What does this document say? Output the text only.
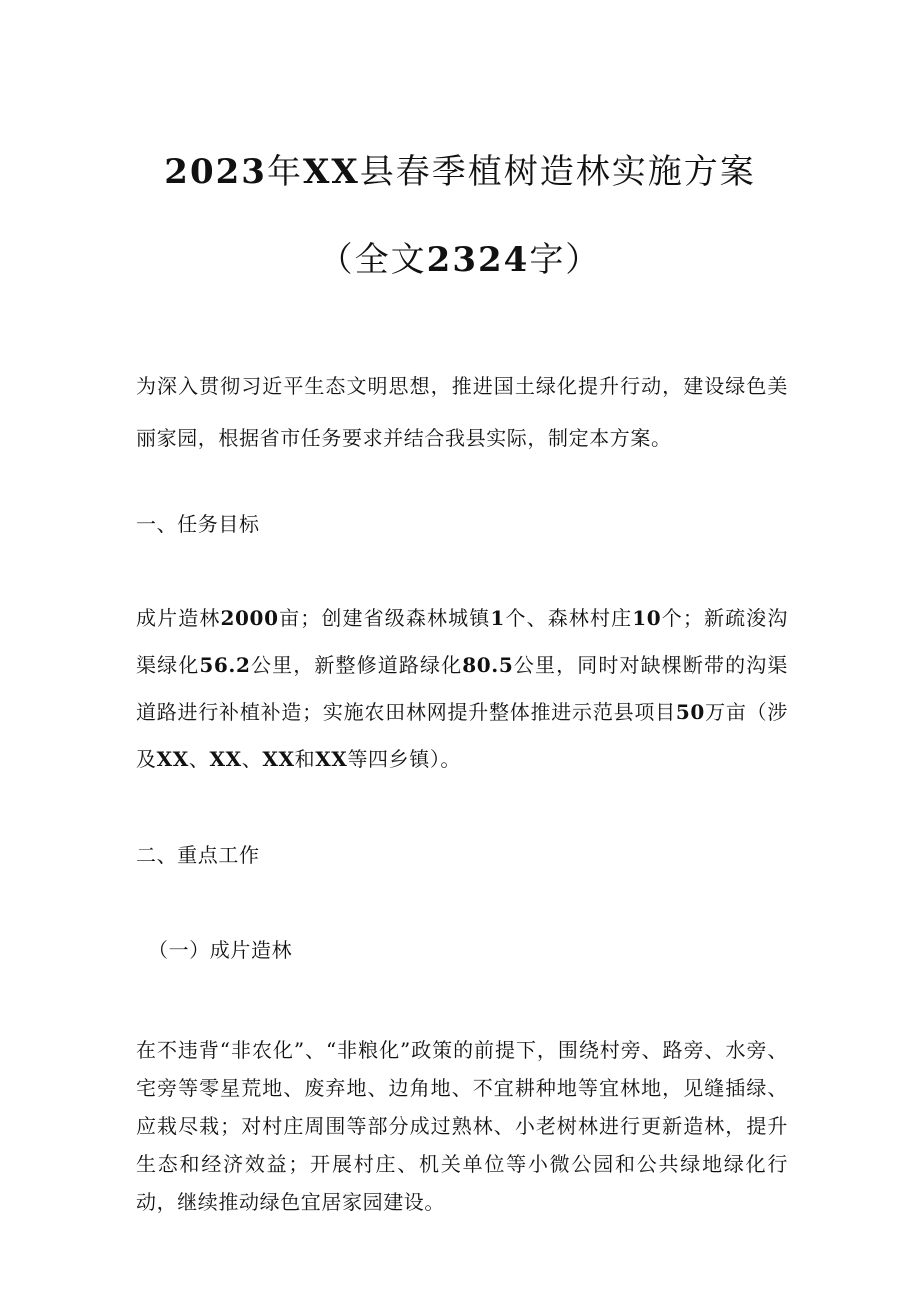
2023年XX县春季植树造林实施方案
（全文2324字）

为深入贯彻习近平生态文明思想，推进国土绿化提升行动，建设绿色美丽家园，根据省市任务要求并结合我县实际，制定本方案。

一、任务目标

成片造林2000亩；创建省级森林城镇1个、森林村庄10个；新疏浚沟渠绿化56.2公里，新整修道路绿化80.5公里，同时对缺棵断带的沟渠道路进行补植补造；实施农田林网提升整体推进示范县项目50万亩（涉及XX、XX、XX和XX等四乡镇）。

二、重点工作

（一）成片造林

在不违背“非农化”、“非粮化”政策的前提下，围绕村旁、路旁、水旁、宅旁等零星荒地、废弃地、边角地、不宜耕种地等宜林地，见缝插绿、应栽尽栽；对村庄周围等部分成过熟林、小老树林进行更新造林，提升生态和经济效益；开展村庄、机关单位等小微公园和公共绿地绿化行动，继续推动绿色宜居家园建设。
